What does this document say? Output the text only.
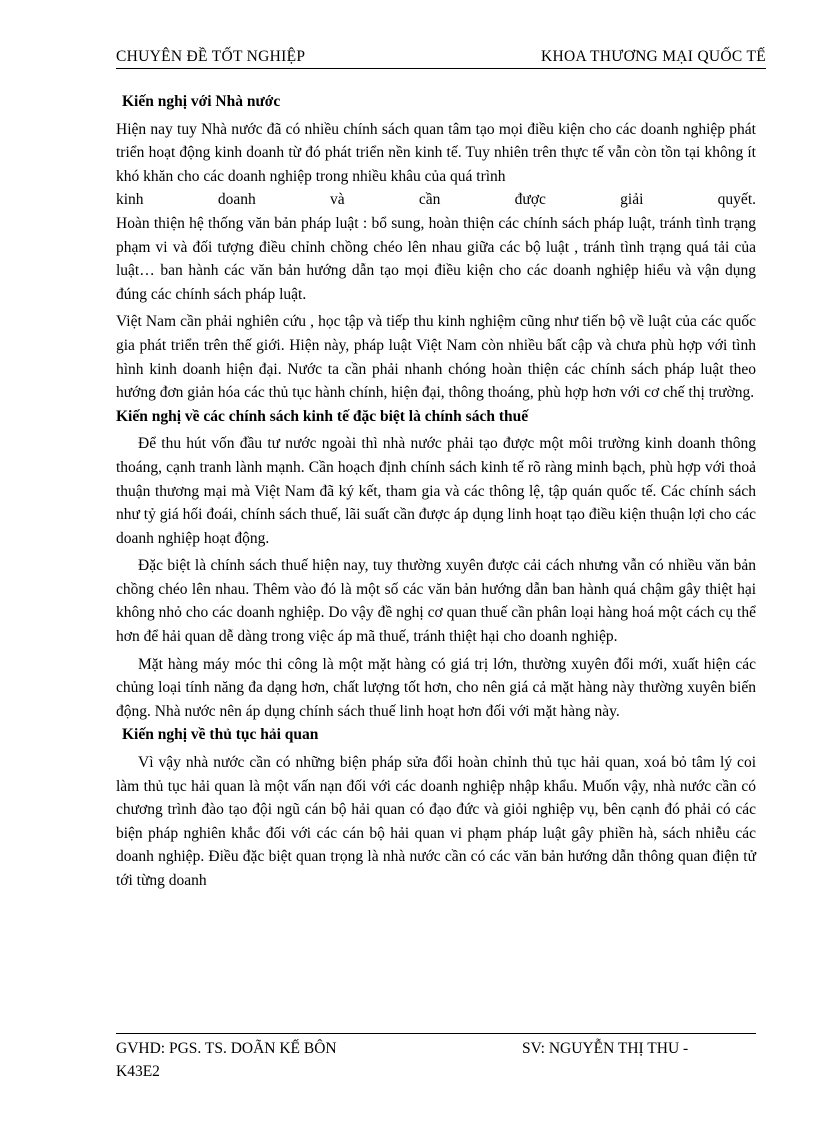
CHUYÊN ĐỀ TỐT NGHIỆP	KHOA THƯƠNG MẠI QUỐC TẾ

Kiến nghị với Nhà nước

Hiện nay tuy Nhà nước đã có nhiều chính sách quan tâm tạo mọi điều kiện cho các doanh nghiệp phát triển hoạt động kinh doanh từ đó phát triển nền kinh tế. Tuy nhiên trên thực tế vẫn còn tồn tại không ít khó khăn cho các doanh nghiệp trong nhiều khâu của quá trình

kinh doanh và cần được giải quyết.

Hoàn thiện hệ thống văn bản pháp luật : bổ sung, hoàn thiện các chính sách pháp luật, tránh tình trạng phạm vi và đối tượng điều chỉnh chồng chéo lên nhau giữa các bộ luật , tránh tình trạng quá tải của luật… ban hành các văn bản hướng dẫn tạo mọi điều kiện cho các doanh nghiệp hiểu và vận dụng đúng các chính sách pháp luật.

Việt Nam cần phải nghiên cứu , học tập và tiếp thu kinh nghiệm cũng như tiến bộ về luật của các quốc gia phát triển trên thế giới. Hiện này, pháp luật Việt Nam còn nhiều bất cập và chưa phù hợp với tình hình kinh doanh hiện đại. Nước ta cần phải nhanh chóng hoàn thiện các chính sách pháp luật theo hướng đơn giản hóa các thủ tục hành chính, hiện đại, thông thoáng, phù hợp hơn với cơ chế thị trường.

Kiến nghị về các chính sách kinh tế đặc biệt là chính sách thuế

Để thu hút vốn đầu tư nước ngoài thì nhà nước phải tạo được một môi trường kinh doanh thông thoáng, cạnh tranh lành mạnh. Cần hoạch định chính sách kinh tế rõ ràng minh bạch, phù hợp với thoả thuận thương mại mà Việt Nam đã ký kết, tham gia và các thông lệ, tập quán quốc tế. Các chính sách như tỷ giá hối đoái, chính sách thuế, lãi suất cần được áp dụng linh hoạt tạo điều kiện thuận lợi cho các doanh nghiệp hoạt động.

Đặc biệt là chính sách thuế hiện nay, tuy thường xuyên được cải cách nhưng vẫn có nhiều văn bản chồng chéo lên nhau. Thêm vào đó là một số các văn bản hướng dẫn ban hành quá chậm gây thiệt hại không nhỏ cho các doanh nghiệp. Do vậy đề nghị cơ quan thuế cần phân loại hàng hoá một cách cụ thể hơn để hải quan dễ dàng trong việc áp mã thuế, tránh thiệt hại cho doanh nghiệp.

Mặt hàng máy móc thi công là một mặt hàng có giá trị lớn, thường xuyên đổi mới, xuất hiện các chủng loại tính năng đa dạng hơn, chất lượng tốt hơn, cho nên giá cả mặt hàng này thường xuyên biến động. Nhà nước nên áp dụng chính sách thuế linh hoạt hơn đối với mặt hàng này.

Kiến nghị về thủ tục hải quan

Vì vậy nhà nước cần có những biện pháp sửa đổi hoàn chỉnh thủ tục hải quan, xoá bỏ tâm lý coi làm thủ tục hải quan là một vấn nạn đối với các doanh nghiệp nhập khẩu. Muốn vậy, nhà nước cần có chương trình đào tạo đội ngũ cán bộ hải quan có đạo đức và giỏi nghiệp vụ, bên cạnh đó phải có các biện pháp nghiên khắc đối với các cán bộ hải quan vi phạm pháp luật gây phiền hà, sách nhiễu các doanh nghiệp. Điều đặc biệt quan trọng là nhà nước cần có các văn bản hướng dẫn thông quan điện tử tới từng doanh

GVHD: PGS. TS. DOÃN KẾ BÔN	SV: NGUYỄN THỊ THU -
K43E2
